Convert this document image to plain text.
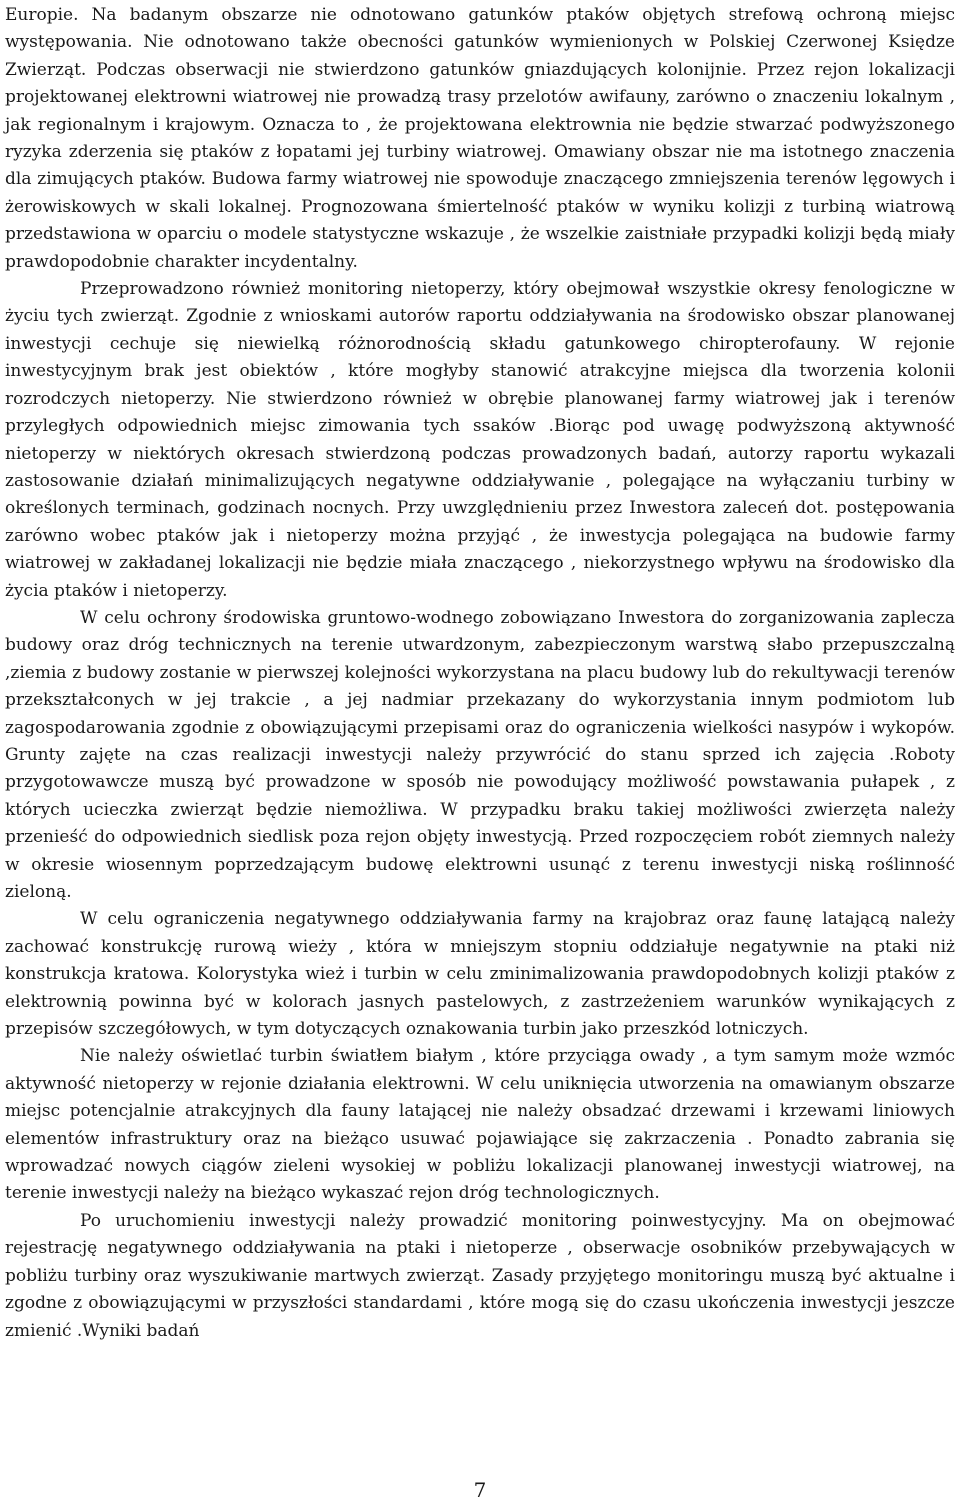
Europie. Na badanym obszarze nie odnotowano gatunków ptaków objętych strefową ochroną miejsc występowania. Nie odnotowano także obecności gatunków wymienionych w Polskiej Czerwonej Księdze Zwierząt. Podczas obserwacji nie stwierdzono gatunków gniazdujących kolonijnie. Przez rejon lokalizacji projektowanej elektrowni wiatrowej nie prowadzą trasy przelotów awifauny, zarówno o znaczeniu lokalnym , jak regionalnym i krajowym. Oznacza to , że projektowana elektrownia nie będzie stwarzać podwyższonego ryzyka zderzenia się ptaków z łopatami jej turbiny wiatrowej. Omawiany obszar nie ma istotnego znaczenia dla zimujących ptaków. Budowa farmy wiatrowej nie spowoduje znaczącego zmniejszenia terenów lęgowych i żerowiskowych w skali lokalnej. Prognozowana śmiertelność ptaków w wyniku kolizji z turbiną wiatrową przedstawiona w oparciu o modele statystyczne wskazuje , że wszelkie zaistniałe przypadki kolizji będą miały prawdopodobnie charakter incydentalny.

Przeprowadzono również monitoring nietoperzy, który obejmował wszystkie okresy fenologiczne w życiu tych zwierząt. Zgodnie z wnioskami autorów raportu oddziaływania na środowisko obszar planowanej inwestycji cechuje się niewielką różnorodnością składu gatunkowego chiropterofauny. W rejonie inwestycyjnym brak jest obiektów , które mogłyby stanowić atrakcyjne miejsca dla tworzenia kolonii rozrodczych nietoperzy. Nie stwierdzono również w obrębie planowanej farmy wiatrowej jak i terenów przyległych odpowiednich miejsc zimowania tych ssaków .Biorąc pod uwagę podwyższoną aktywność nietoperzy w niektórych okresach stwierdzoną podczas prowadzonych badań, autorzy raportu wykazali zastosowanie działań minimalizujących negatywne oddziaływanie , polegające na wyłączaniu turbiny w określonych terminach, godzinach nocnych. Przy uwzględnieniu przez Inwestora zaleceń dot. postępowania zarówno wobec ptaków jak i nietoperzy można przyjąć , że inwestycja polegająca na budowie farmy wiatrowej w zakładanej lokalizacji nie będzie miała znaczącego , niekorzystnego wpływu na środowisko dla życia ptaków i nietoperzy.

W celu ochrony środowiska gruntowo-wodnego zobowiązano Inwestora do zorganizowania zaplecza budowy oraz dróg technicznych na terenie utwardzonym, zabezpieczonym warstwą słabo przepuszczalną ,ziemia z budowy zostanie w pierwszej kolejności wykorzystana na placu budowy lub do rekultywacji terenów przekształconych w jej trakcie , a jej nadmiar przekazany do wykorzystania innym podmiotom lub zagospodarowania zgodnie z obowiązującymi przepisami oraz do ograniczenia wielkości nasypów i wykopów. Grunty zajęte na czas realizacji inwestycji należy przywrócić do stanu sprzed ich zajęcia .Roboty przygotowawcze muszą być prowadzone w sposób nie powodujący możliwość powstawania pułapek , z których ucieczka zwierząt będzie niemożliwa. W przypadku braku takiej możliwości zwierzęta należy przenieść do odpowiednich siedlisk poza rejon objęty inwestycją. Przed rozpoczęciem robót ziemnych należy w okresie wiosennym poprzedzającym budowę elektrowni usunąć z terenu inwestycji niską roślinność zieloną.

W celu ograniczenia negatywnego oddziaływania farmy na krajobraz oraz faunę latającą należy zachować konstrukcję rurową wieży , która w mniejszym stopniu oddziałuje negatywnie na ptaki niż konstrukcja kratowa. Kolorystyka wież i turbin w celu zminimalizowania prawdopodobnych kolizji ptaków z elektrownią powinna być w kolorach jasnych pastelowych, z zastrzeżeniem warunków wynikających z przepisów szczegółowych, w tym dotyczących oznakowania turbin jako przeszkód lotniczych.

Nie należy oświetlać turbin światłem białym , które przyciąga owady , a tym samym może wzmóc aktywność nietoperzy w rejonie działania elektrowni. W celu uniknięcia utworzenia na omawianym obszarze miejsc potencjalnie atrakcyjnych dla fauny latającej nie należy obsadzać drzewami i krzewami liniowych elementów infrastruktury oraz na bieżąco usuwać pojawiające się zakrzaczenia . Ponadto zabrania się wprowadzać nowych ciągów zieleni wysokiej w pobliżu lokalizacji planowanej inwestycji wiatrowej, na terenie inwestycji należy na bieżąco wykaszać rejon dróg technologicznych.

Po uruchomieniu inwestycji należy prowadzić monitoring poinwestycyjny. Ma on obejmować rejestrację negatywnego oddziaływania na ptaki i nietoperze , obserwacje osobników przebywających w pobliżu turbiny oraz wyszukiwanie martwych zwierząt. Zasady przyjętego monitoringu muszą być aktualne i zgodne z obowiązującymi w przyszłości standardami , które mogą się do czasu ukończenia inwestycji jeszcze zmienić .Wyniki badań

7
